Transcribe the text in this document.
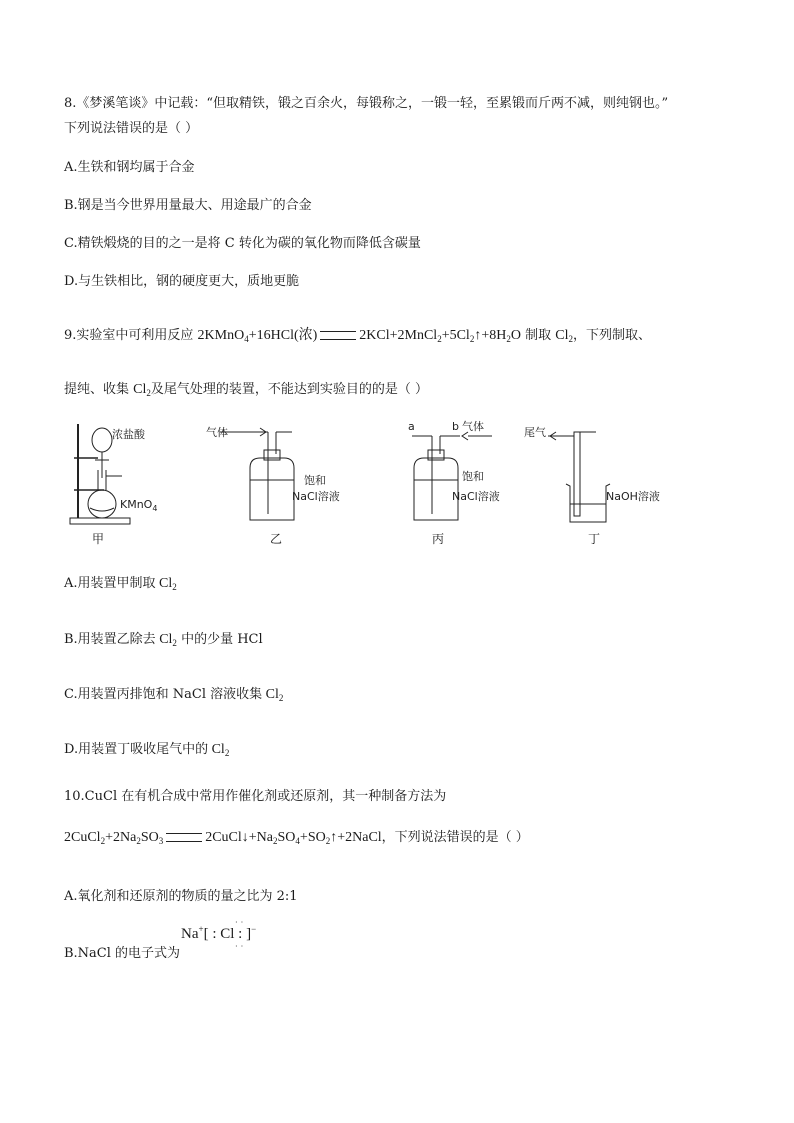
8.《梦溪笔谈》中记载：“但取精铁，锻之百余火，每锻称之，一锻一轻，至累锻而斤两不减，则纯钢也。”
下列说法错误的是（ ）
A.生铁和钢均属于合金
B.钢是当今世界用量最大、用途最广的合金
C.精铁煅烧的目的之一是将 C 转化为碳的氧化物而降低含碳量
D.与生铁相比，钢的硬度更大，质地更脆
9.实验室中可利用反应 2KMnO$_4$+16HCl(浓)	$2KCl+2MnCl_2+5Cl_2↑+8H_2O$ 制取 $Cl_2$，下列制取、
提纯、收集 $Cl_2$及尾气处理的装置，不能达到实验目的的是（ ）
浓盐酸
KMnO$_4$
气体
饱和
NaCl溶液
a	b 气体
饱和
NaCl溶液
尾气
NaOH溶液
甲	乙	丙	丁
A.用装置甲制取 $Cl_2$
B.用装置乙除去 $Cl_2$ 中的少量 HCl
C.用装置丙排饱和 NaCl 溶液收集 $Cl_2$
D.用装置丁吸收尾气中的 $Cl_2$
10.CuCl 在有机合成中常用作催化剂或还原剂，其一种制备方法为
$2CuCl_2+2Na_2SO_3$	$2CuCl↓+Na_2SO_4+SO_2↑+2NaCl$，下列说法错误的是（ ）
A.氧化剂和还原剂的物质的量之比为 2:1
B.NaCl 的电子式为
Na+[ : Cl : ]−
··
··
